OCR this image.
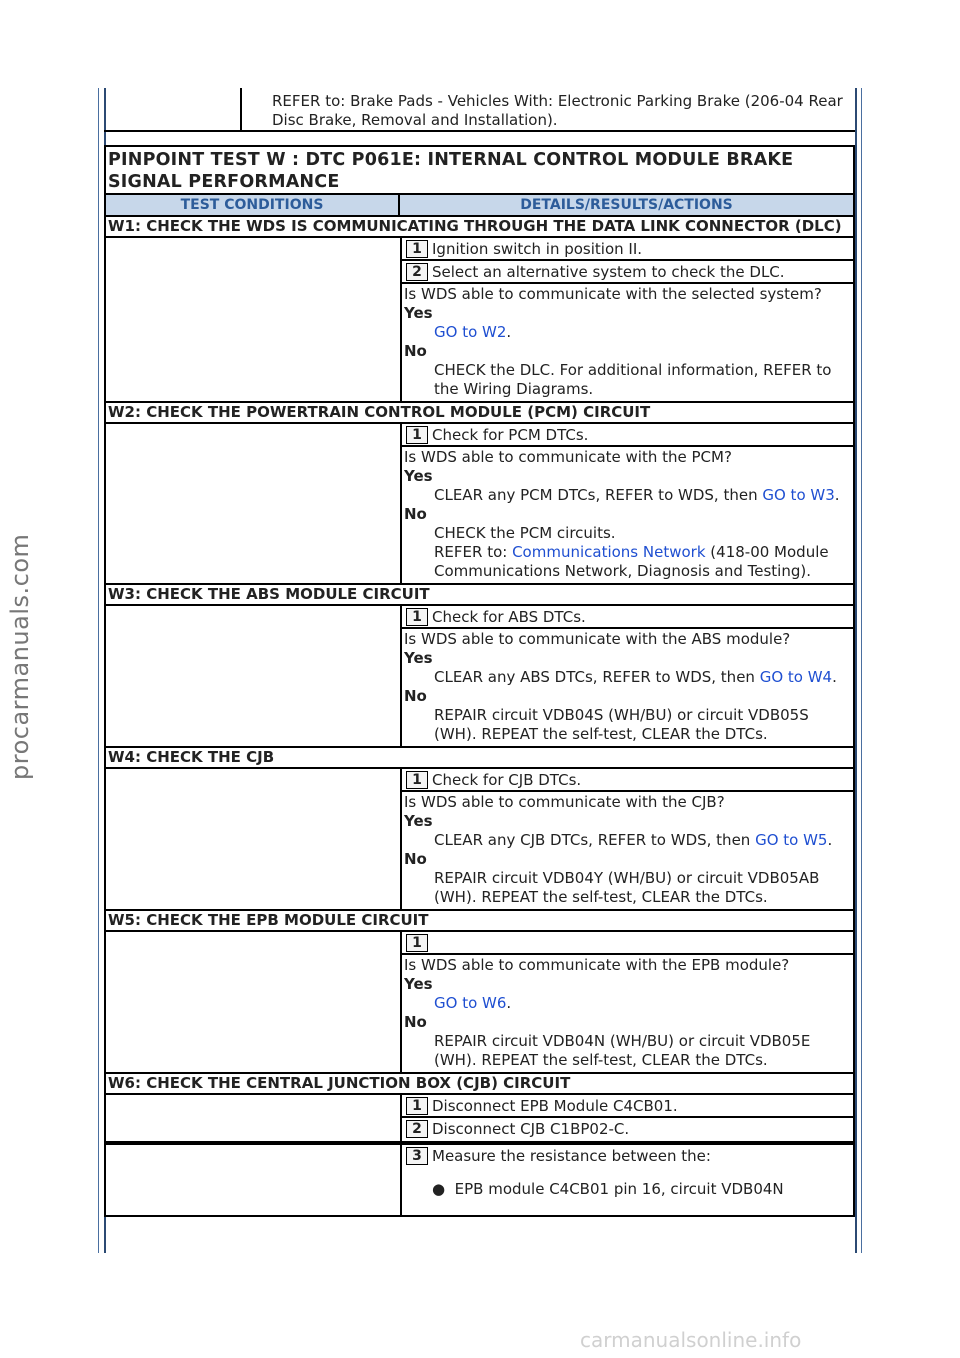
procarmanuals.com
carmanualsonline.info
REFER to: Brake Pads - Vehicles With: Electronic Parking Brake (206-04 Rear Disc Brake, Removal and Installation).
PINPOINT TEST W : DTC P061E: INTERNAL CONTROL MODULE BRAKE SIGNAL PERFORMANCE
TEST CONDITIONS	DETAILS/RESULTS/ACTIONS
W1: CHECK THE WDS IS COMMUNICATING THROUGH THE DATA LINK CONNECTOR (DLC)
1 Ignition switch in position II.
2 Select an alternative system to check the DLC.
Is WDS able to communicate with the selected system?
Yes
GO to W2.
No
CHECK the DLC. For additional information, REFER to the Wiring Diagrams.
W2: CHECK THE POWERTRAIN CONTROL MODULE (PCM) CIRCUIT
1 Check for PCM DTCs.
Is WDS able to communicate with the PCM?
Yes
CLEAR any PCM DTCs, REFER to WDS, then GO to W3.
No
CHECK the PCM circuits.
REFER to: Communications Network (418-00 Module Communications Network, Diagnosis and Testing).
W3: CHECK THE ABS MODULE CIRCUIT
1 Check for ABS DTCs.
Is WDS able to communicate with the ABS module?
Yes
CLEAR any ABS DTCs, REFER to WDS, then GO to W4.
No
REPAIR circuit VDB04S (WH/BU) or circuit VDB05S (WH). REPEAT the self-test, CLEAR the DTCs.
W4: CHECK THE CJB
1 Check for CJB DTCs.
Is WDS able to communicate with the CJB?
Yes
CLEAR any CJB DTCs, REFER to WDS, then GO to W5.
No
REPAIR circuit VDB04Y (WH/BU) or circuit VDB05AB (WH). REPEAT the self-test, CLEAR the DTCs.
W5: CHECK THE EPB MODULE CIRCUIT
1
Is WDS able to communicate with the EPB module?
Yes
GO to W6.
No
REPAIR circuit VDB04N (WH/BU) or circuit VDB05E (WH). REPEAT the self-test, CLEAR the DTCs.
W6: CHECK THE CENTRAL JUNCTION BOX (CJB) CIRCUIT
1 Disconnect EPB Module C4CB01.
2 Disconnect CJB C1BP02-C.
3 Measure the resistance between the:
●  EPB module C4CB01 pin 16, circuit VDB04N
